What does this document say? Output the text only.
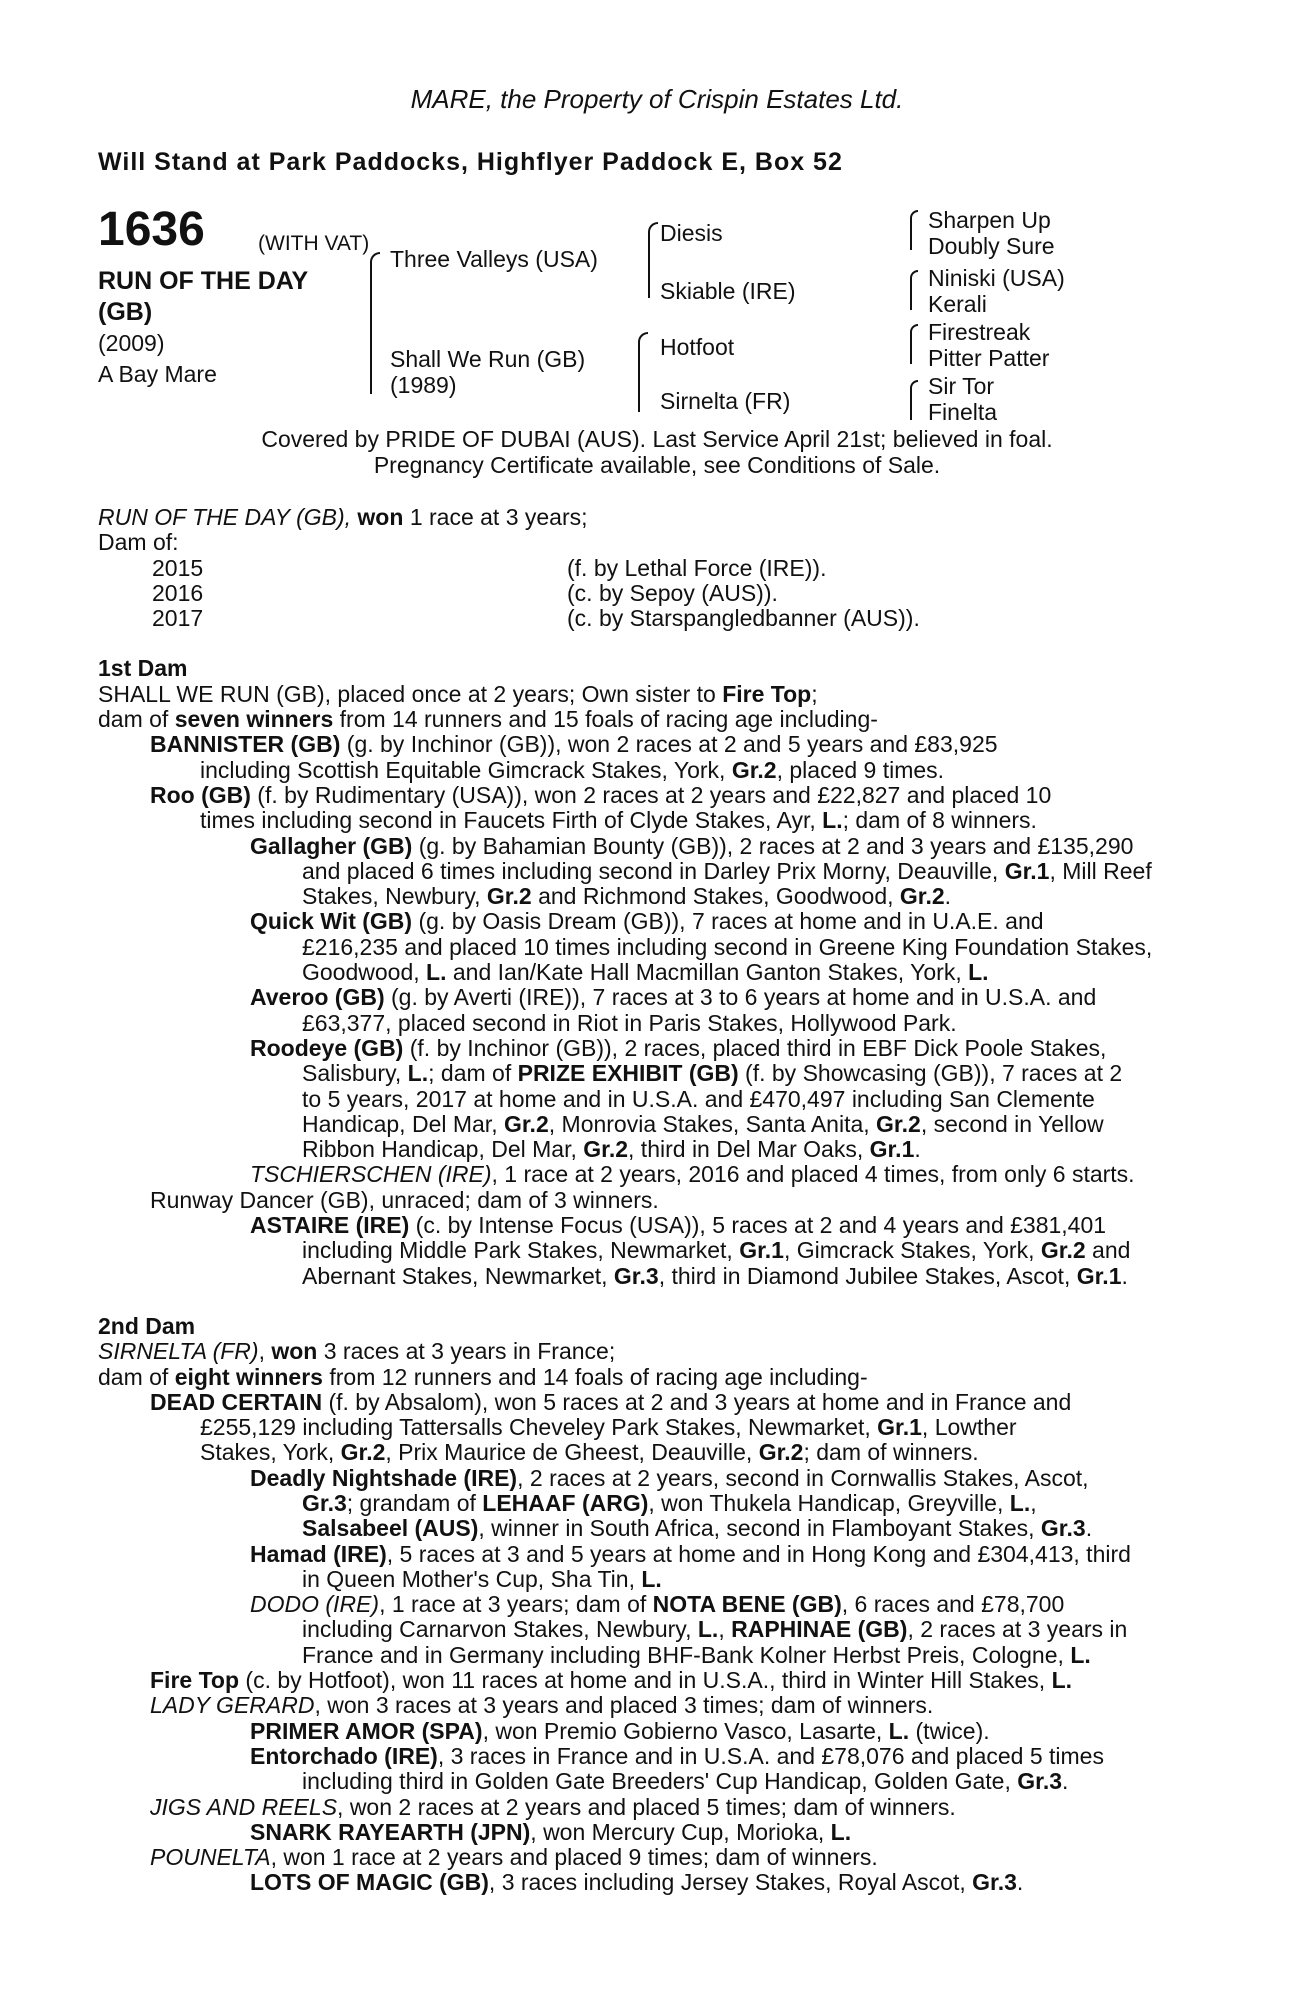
MARE, the Property of Crispin Estates Ltd.
Will Stand at Park Paddocks, Highflyer Paddock E, Box 52
1636	(WITH VAT)
RUN OF THE DAY
(GB)
(2009)
A Bay Mare
Three Valleys (USA)
Shall We Run (GB)
(1989)
Diesis
Skiable (IRE)
Hotfoot
Sirnelta (FR)
Sharpen Up
Doubly Sure
Niniski (USA)
Kerali
Firestreak
Pitter Patter
Sir Tor
Finelta
Covered by PRIDE OF DUBAI (AUS). Last Service April 21st; believed in foal.
Pregnancy Certificate available, see Conditions of Sale.
RUN OF THE DAY (GB), won 1 race at 3 years;
Dam of:
2015	(f. by Lethal Force (IRE)).
2016	(c. by Sepoy (AUS)).
2017	(c. by Starspangledbanner (AUS)).
1st Dam
SHALL WE RUN (GB), placed once at 2 years; Own sister to Fire Top;
dam of seven winners from 14 runners and 15 foals of racing age including-
BANNISTER (GB) (g. by Inchinor (GB)), won 2 races at 2 and 5 years and £83,925
including Scottish Equitable Gimcrack Stakes, York, Gr.2, placed 9 times.
Roo (GB) (f. by Rudimentary (USA)), won 2 races at 2 years and £22,827 and placed 10
times including second in Faucets Firth of Clyde Stakes, Ayr, L.; dam of 8 winners.
Gallagher (GB) (g. by Bahamian Bounty (GB)), 2 races at 2 and 3 years and £135,290
and placed 6 times including second in Darley Prix Morny, Deauville, Gr.1, Mill Reef
Stakes, Newbury, Gr.2 and Richmond Stakes, Goodwood, Gr.2.
Quick Wit (GB) (g. by Oasis Dream (GB)), 7 races at home and in U.A.E. and
£216,235 and placed 10 times including second in Greene King Foundation Stakes,
Goodwood, L. and Ian/Kate Hall Macmillan Ganton Stakes, York, L.
Averoo (GB) (g. by Averti (IRE)), 7 races at 3 to 6 years at home and in U.S.A. and
£63,377, placed second in Riot in Paris Stakes, Hollywood Park.
Roodeye (GB) (f. by Inchinor (GB)), 2 races, placed third in EBF Dick Poole Stakes,
Salisbury, L.; dam of PRIZE EXHIBIT (GB) (f. by Showcasing (GB)), 7 races at 2
to 5 years, 2017 at home and in U.S.A. and £470,497 including San Clemente
Handicap, Del Mar, Gr.2, Monrovia Stakes, Santa Anita, Gr.2, second in Yellow
Ribbon Handicap, Del Mar, Gr.2, third in Del Mar Oaks, Gr.1.
TSCHIERSCHEN (IRE), 1 race at 2 years, 2016 and placed 4 times, from only 6 starts.
Runway Dancer (GB), unraced; dam of 3 winners.
ASTAIRE (IRE) (c. by Intense Focus (USA)), 5 races at 2 and 4 years and £381,401
including Middle Park Stakes, Newmarket, Gr.1, Gimcrack Stakes, York, Gr.2 and
Abernant Stakes, Newmarket, Gr.3, third in Diamond Jubilee Stakes, Ascot, Gr.1.
2nd Dam
SIRNELTA (FR), won 3 races at 3 years in France;
dam of eight winners from 12 runners and 14 foals of racing age including-
DEAD CERTAIN (f. by Absalom), won 5 races at 2 and 3 years at home and in France and
£255,129 including Tattersalls Cheveley Park Stakes, Newmarket, Gr.1, Lowther
Stakes, York, Gr.2, Prix Maurice de Gheest, Deauville, Gr.2; dam of winners.
Deadly Nightshade (IRE), 2 races at 2 years, second in Cornwallis Stakes, Ascot,
Gr.3; grandam of LEHAAF (ARG), won Thukela Handicap, Greyville, L.,
Salsabeel (AUS), winner in South Africa, second in Flamboyant Stakes, Gr.3.
Hamad (IRE), 5 races at 3 and 5 years at home and in Hong Kong and £304,413, third
in Queen Mother's Cup, Sha Tin, L.
DODO (IRE), 1 race at 3 years; dam of NOTA BENE (GB), 6 races and £78,700
including Carnarvon Stakes, Newbury, L., RAPHINAE (GB), 2 races at 3 years in
France and in Germany including BHF-Bank Kolner Herbst Preis, Cologne, L.
Fire Top (c. by Hotfoot), won 11 races at home and in U.S.A., third in Winter Hill Stakes, L.
LADY GERARD, won 3 races at 3 years and placed 3 times; dam of winners.
PRIMER AMOR (SPA), won Premio Gobierno Vasco, Lasarte, L. (twice).
Entorchado (IRE), 3 races in France and in U.S.A. and £78,076 and placed 5 times
including third in Golden Gate Breeders' Cup Handicap, Golden Gate, Gr.3.
JIGS AND REELS, won 2 races at 2 years and placed 5 times; dam of winners.
SNARK RAYEARTH (JPN), won Mercury Cup, Morioka, L.
POUNELTA, won 1 race at 2 years and placed 9 times; dam of winners.
LOTS OF MAGIC (GB), 3 races including Jersey Stakes, Royal Ascot, Gr.3.
